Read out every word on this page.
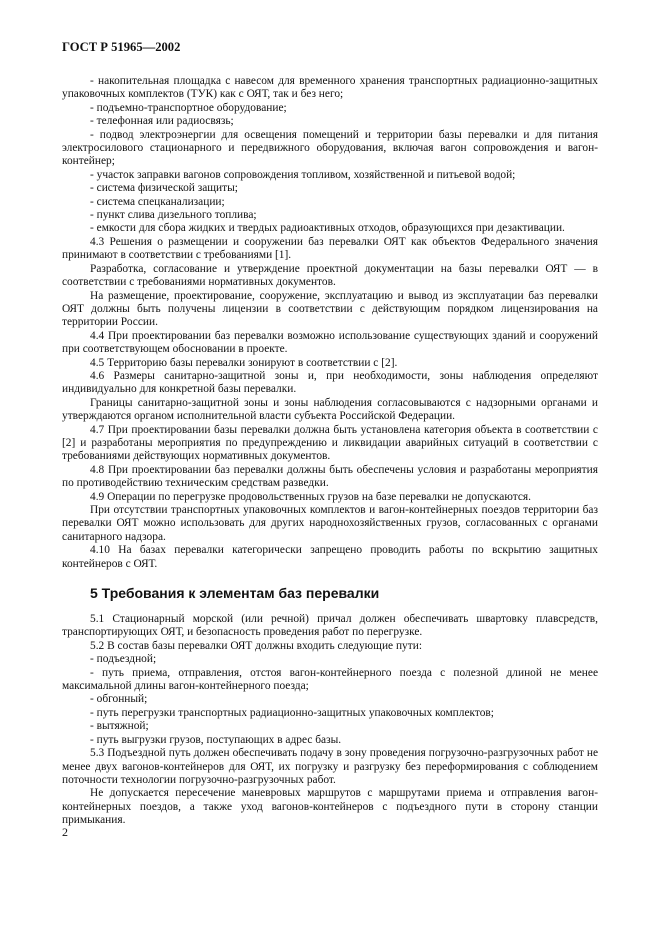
ГОСТ Р 51965—2002

- накопительная площадка с навесом для временного хранения транспортных радиационно-защитных упаковочных комплектов (ТУК) как с ОЯТ, так и без него;

- подъемно-транспортное оборудование;

- телефонная или радиосвязь;

- подвод электроэнергии для освещения помещений и территории базы перевалки и для питания электросилового стационарного и передвижного оборудования, включая вагон сопровождения и вагон-контейнер;

- участок заправки вагонов сопровождения топливом, хозяйственной и питьевой водой;

- система физической защиты;

- система спецканализации;

- пункт слива дизельного топлива;

- емкости для сбора жидких и твердых радиоактивных отходов, образующихся при дезактивации.

4.3 Решения о размещении и сооружении баз перевалки ОЯТ как объектов Федерального значения принимают в соответствии с требованиями [1].

Разработка, согласование и утверждение проектной документации на базы перевалки ОЯТ — в соответствии с требованиями нормативных документов.

На размещение, проектирование, сооружение, эксплуатацию и вывод из эксплуатации баз перевалки ОЯТ должны быть получены лицензии в соответствии с действующим порядком лицензирования на территории России.

4.4 При проектировании баз перевалки возможно использование существующих зданий и сооружений при соответствующем обосновании в проекте.

4.5 Территорию базы перевалки зонируют в соответствии с [2].

4.6 Размеры санитарно-защитной зоны и, при необходимости, зоны наблюдения определяют индивидуально для конкретной базы перевалки.

Границы санитарно-защитной зоны и зоны наблюдения согласовываются с надзорными органами и утверждаются органом исполнительной власти субъекта Российской Федерации.

4.7 При проектировании базы перевалки должна быть установлена категория объекта в соответствии с [2] и разработаны мероприятия по предупреждению и ликвидации аварийных ситуаций в соответствии с требованиями действующих нормативных документов.

4.8 При проектировании баз перевалки должны быть обеспечены условия и разработаны мероприятия по противодействию техническим средствам разведки.

4.9 Операции по перегрузке продовольственных грузов на базе перевалки не допускаются.

При отсутствии транспортных упаковочных комплектов и вагон-контейнерных поездов территории баз перевалки ОЯТ можно использовать для других народнохозяйственных грузов, согласованных с органами санитарного надзора.

4.10 На базах перевалки категорически запрещено проводить работы по вскрытию защитных контейнеров с ОЯТ.

5 Требования к элементам баз перевалки

5.1 Стационарный морской (или речной) причал должен обеспечивать швартовку плавсредств, транспортирующих ОЯТ, и безопасность проведения работ по перегрузке.

5.2 В состав базы перевалки ОЯТ должны входить следующие пути:

- подъездной;

- путь приема, отправления, отстоя вагон-контейнерного поезда с полезной длиной не менее максимальной длины вагон-контейнерного поезда;

- обгонный;

- путь перегрузки транспортных радиационно-защитных упаковочных комплектов;

- вытяжной;

- путь выгрузки грузов, поступающих в адрес базы.

5.3 Подъездной путь должен обеспечивать подачу в зону проведения погрузочно-разгрузочных работ не менее двух вагонов-контейнеров для ОЯТ, их погрузку и разгрузку без переформирования с соблюдением поточности технологии погрузочно-разгрузочных работ.

Не допускается пересечение маневровых маршрутов с маршрутами приема и отправления вагон-контейнерных поездов, а также уход вагонов-контейнеров с подъездного пути в сторону станции примыкания.

2
